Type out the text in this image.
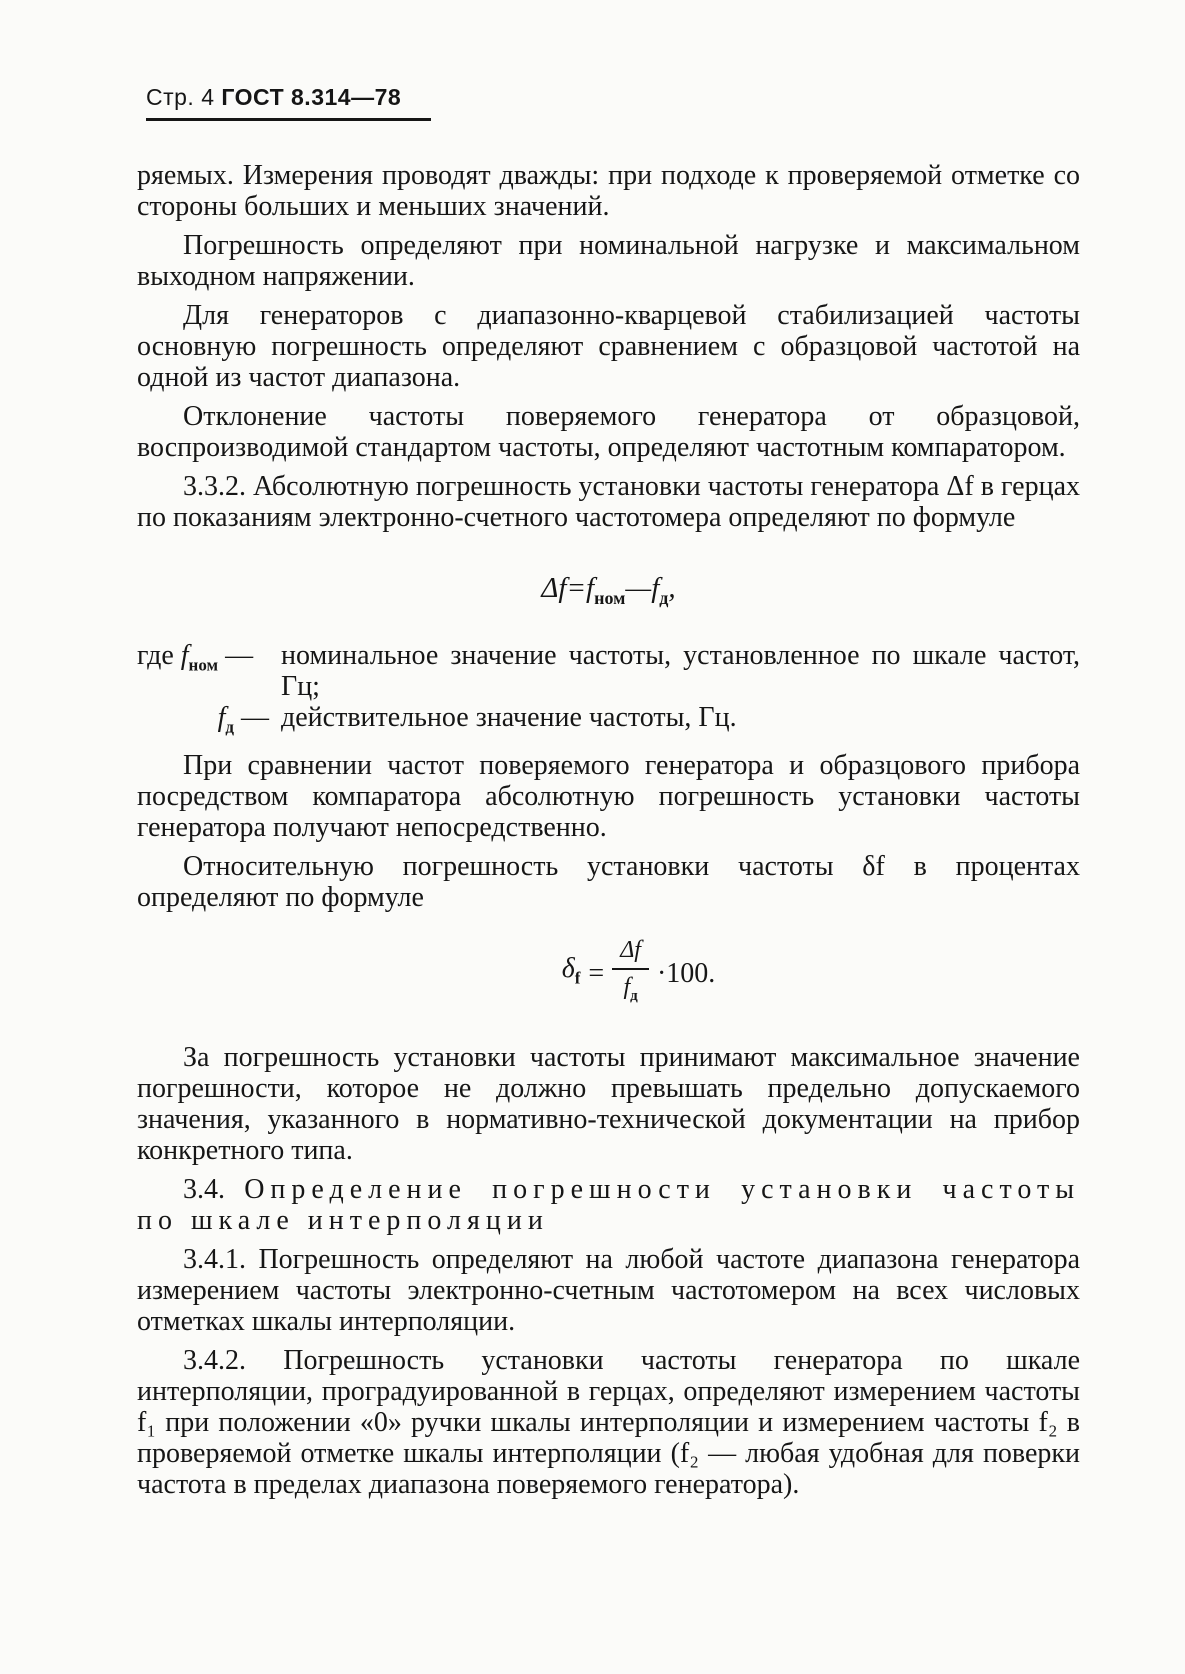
Стр. 4 ГОСТ 8.314—78

ряемых. Измерения проводят дважды: при подходе к проверяемой отметке со стороны больших и меньших значений.

Погрешность определяют при номинальной нагрузке и максимальном выходном напряжении.

Для генераторов с диапазонно-кварцевой стабилизацией частоты основную погрешность определяют сравнением с образцовой частотой на одной из частот диапазона.

Отклонение частоты поверяемого генератора от образцовой, воспроизводимой стандартом частоты, определяют частотным компаратором.

3.3.2. Абсолютную погрешность установки частоты генератора Δf в герцах по показаниям электронно-счетного частотомера определяют по формуле

$\Delta f=f_{ном}—f_д$,
где $f_{ном}$ — номинальное значение частоты, установленное по шкале частот, Гц;
$f_д$ — действительное значение частоты, Гц.

При сравнении частот поверяемого генератора и образцового прибора посредством компаратора абсолютную погрешность установки частоты генератора получают непосредственно.

Относительную погрешность установки частоты δf в процентах определяют по формуле

$\delta_f = \frac{\Delta f}{f_д} \cdot 100$.

За погрешность установки частоты принимают максимальное значение погрешности, которое не должно превышать предельно допускаемого значения, указанного в нормативно-технической документации на прибор конкретного типа.

3.4. Определение погрешности установки частоты по шкале интерполяции

3.4.1. Погрешность определяют на любой частоте диапазона генератора измерением частоты электронно-счетным частотомером на всех числовых отметках шкалы интерполяции.

3.4.2. Погрешность установки частоты генератора по шкале интерполяции, проградуированной в герцах, определяют измерением частоты f₁ при положении «0» ручки шкалы интерполяции и измерением частоты f₂ в проверяемой отметке шкалы интерполяции (f₂ — любая удобная для поверки частота в пределах диапазона поверяемого генератора).
